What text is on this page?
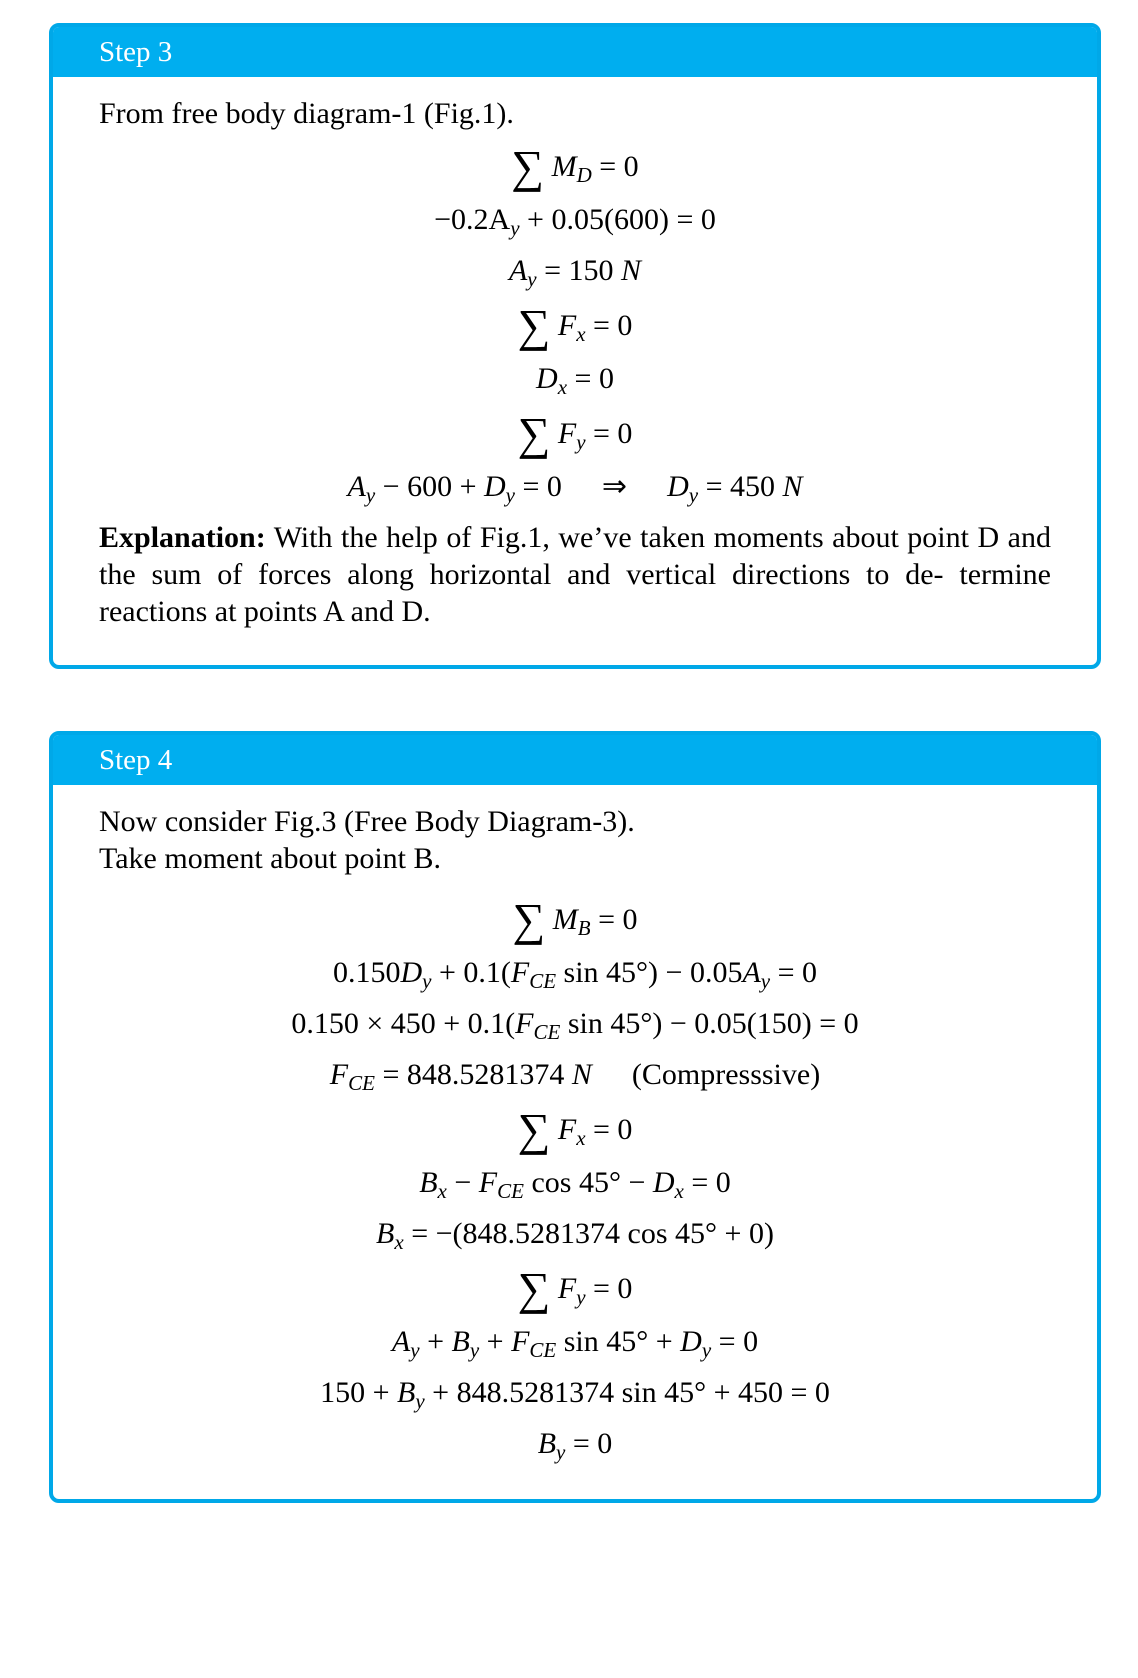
Step 3

From free body diagram-1 (Fig.1).

∑ $M_D = 0$
$-0.2A_y + 0.05(600) = 0$
$A_y = 150$ N
∑ $F_x = 0$
$D_x = 0$
∑ $F_y = 0$
$A_y - 600 + D_y = 0$ ⇒ $D_y = 450$ N

Explanation: With the help of Fig.1, we’ve taken moments about point D and the sum of forces along horizontal and vertical directions to de- termine reactions at points A and D.

Step 4

Now consider Fig.3 (Free Body Diagram-3).

Take moment about point B.

∑ $M_B = 0$
$0.150D_y + 0.1(F_{CE}$ $\sin 45^\circ) - 0.05A_y = 0$
$0.150 \times 450 + 0.1(F_{CE}$ sin 45°) − 0.05(150) = 0
$F_{CE} = 848.5281374$ N (Compresssive)
∑ $F_x = 0$
$B_x - F_{CE}$ $\cos 45^\circ - D_x = 0$
$B_x = -(848.5281374$ cos 45° + 0)
∑ $F_y = 0$
$A_y + B_y + F_{CE}$ $\sin 45^\circ + D_y = 0$
$150 + B_y + 848.5281374$ sin 45° + 450 = 0
$B_y = 0$
